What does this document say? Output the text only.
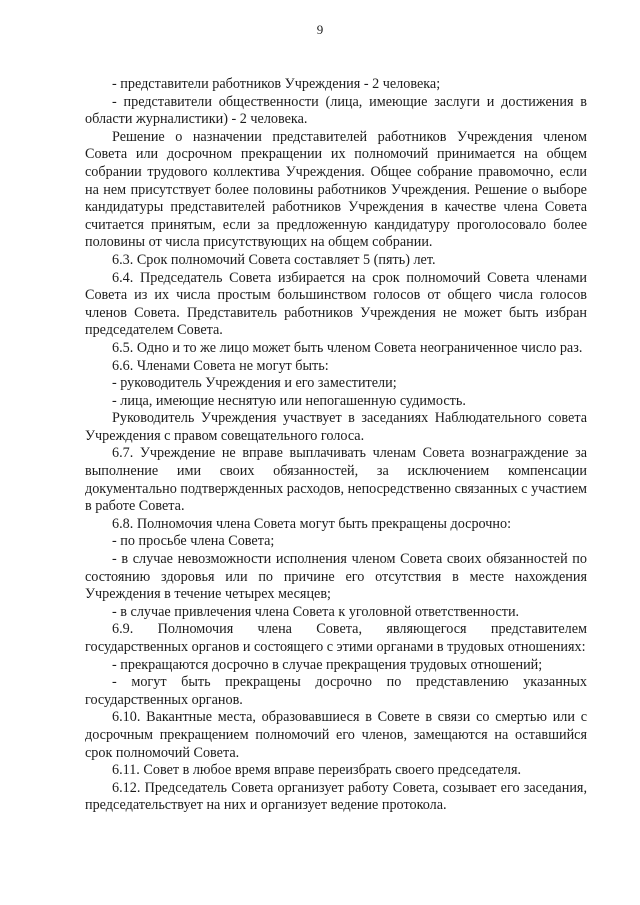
9

- представители работников Учреждения - 2 человека;

- представители общественности (лица, имеющие заслуги и достижения в области журналистики) - 2 человека.

Решение о назначении представителей работников Учреждения членом Совета или досрочном прекращении их полномочий принимается на общем собрании трудового коллектива Учреждения. Общее собрание правомочно, если на нем присутствует более половины работников Учреждения. Решение о выборе кандидатуры представителей работников Учреждения в качестве члена Совета считается принятым, если за предложенную кандидатуру проголосовало более половины от числа присутствующих на общем собрании.

6.3. Срок полномочий Совета составляет 5 (пять) лет.

6.4. Председатель Совета избирается на срок полномочий Совета членами Совета из их числа простым большинством голосов от общего числа голосов членов Совета. Представитель работников Учреждения не может быть избран председателем Совета.

6.5. Одно и то же лицо может быть членом Совета неограниченное число раз.

6.6. Членами Совета не могут быть:

- руководитель Учреждения и его заместители;

- лица, имеющие неснятую или непогашенную судимость.

Руководитель Учреждения участвует в заседаниях Наблюдательного совета Учреждения с правом совещательного голоса.

6.7. Учреждение не вправе выплачивать членам Совета вознаграждение за выполнение ими своих обязанностей, за исключением компенсации документально подтвержденных расходов, непосредственно связанных с участием в работе Совета.

6.8. Полномочия члена Совета могут быть прекращены досрочно:

- по просьбе члена Совета;

- в случае невозможности исполнения членом Совета своих обязанностей по состоянию здоровья или по причине его отсутствия в месте нахождения Учреждения в течение четырех месяцев;

- в случае привлечения члена Совета к уголовной ответственности.

6.9. Полномочия члена Совета, являющегося представителем государственных органов и состоящего с этими органами в трудовых отношениях:

- прекращаются досрочно в случае прекращения трудовых отношений;

- могут быть прекращены досрочно по представлению указанных государственных органов.

6.10. Вакантные места, образовавшиеся в Совете в связи со смертью или с досрочным прекращением полномочий его членов, замещаются на оставшийся срок полномочий Совета.

6.11. Совет в любое время вправе переизбрать своего председателя.

6.12. Председатель Совета организует работу Совета, созывает его заседания, председательствует на них и организует ведение протокола.
